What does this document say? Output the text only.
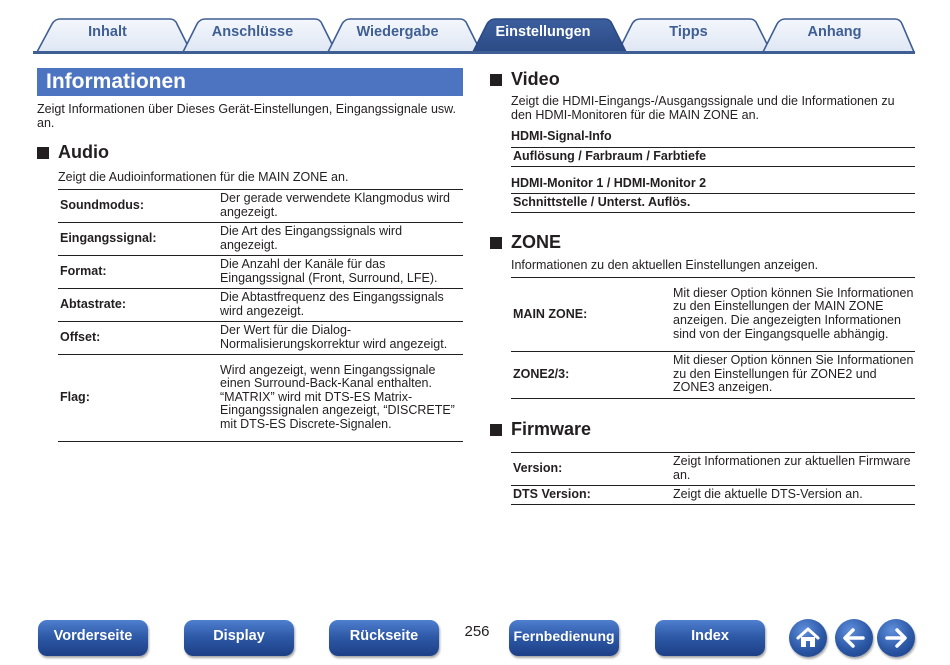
Inhalt	Anschlüsse	Wiedergabe	Einstellungen	Tipps	Anhang
Informationen
Zeigt Informationen über Dieses Gerät-Einstellungen, Eingangssignale usw. an.
Audio
Zeigt die Audioinformationen für die MAIN ZONE an.
Soundmodus:	Der gerade verwendete Klangmodus wird angezeigt.
Eingangssignal:	Die Art des Eingangssignals wird angezeigt.
Format:	Die Anzahl der Kanäle für das Eingangssignal (Front, Surround, LFE).
Abtastrate:	Die Abtastfrequenz des Eingangssignals wird angezeigt.
Offset:	Der Wert für die Dialog-Normalisierungskorrektur wird angezeigt.
Flag:	Wird angezeigt, wenn Eingangssignale einen Surround-Back-Kanal enthalten. “MATRIX” wird mit DTS-ES Matrix-Eingangssignalen angezeigt, “DISCRETE” mit DTS-ES Discrete-Signalen.
Video
Zeigt die HDMI-Eingangs-/Ausgangssignale und die Informationen zu den HDMI-Monitoren für die MAIN ZONE an.
HDMI-Signal-Info
Auflösung / Farbraum / Farbtiefe
HDMI-Monitor 1 / HDMI-Monitor 2
Schnittstelle / Unterst. Auflös.
ZONE
Informationen zu den aktuellen Einstellungen anzeigen.
MAIN ZONE:	Mit dieser Option können Sie Informationen zu den Einstellungen der MAIN ZONE anzeigen. Die angezeigten Informationen sind von der Eingangsquelle abhängig.
ZONE2/3:	Mit dieser Option können Sie Informationen zu den Einstellungen für ZONE2 und ZONE3 anzeigen.
Firmware
Version:	Zeigt Informationen zur aktuellen Firmware an.
DTS Version:	Zeigt die aktuelle DTS-Version an.
Vorderseite	Display	Rückseite	256	Fernbedienung	Index
